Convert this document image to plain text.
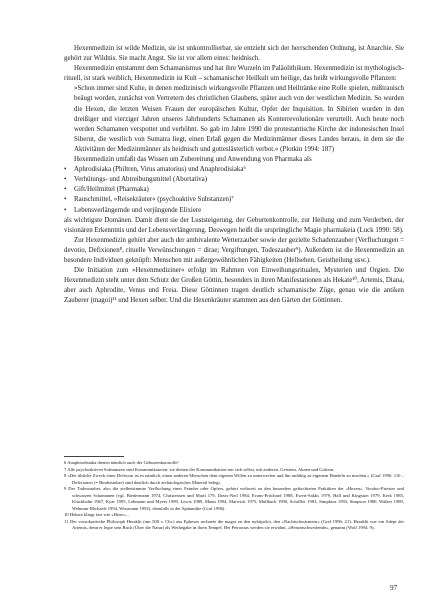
Hexenmedizin ist wilde Medizin, sie ist unkontrollierbar, sie entzieht sich der herrschenden Ordnung, ist Anarchie. Sie gehört zur Wildnis. Sie macht Angst. Sie ist vor allem eines: heidnisch.

Hexenmedizin entstammt dem Schamanismus und hat ihre Wurzeln im Paläolithikum. Hexenmedizin ist mythologisch-rituell, ist stark weiblich, Hexenmedizin ist Kult – schamanischer Heilkult um heilige, das heißt wirkungsvolle Pflanzen:

»Schon immer sind Kulte, in denen medizinisch wirkungsvolle Pflanzen und Heiltränke eine Rolle spielen, mißtrauisch beäugt worden, zunächst von Vertretern des christlichen Glaubens, später auch von der westlichen Medizin. So wurden die Hexen, die letzten Weisen Frauen der europäischen Kultur, Opfer der Inquisition. In Sibirien wurden in den dreißiger und vierziger Jahren unseres Jahrhunderts Schamanen als Konterrevolutionäre verurteilt. Auch heute noch werden Schamanen verspottet und verhöhnt. So gab im Jahre 1990 die protestantische Kirche der indonesischen Insel Siberut, die westlich von Sumatra liegt, einen Erlaß gegen die Medizinmänner dieses Landes heraus, in dem sie die Aktivitäten der Medizinmänner als heidnisch und gotteslästerlich verbot.« (Plotkin 1994: 187)

Hexenmedizin umfaßt das Wissen um Zubereitung und Anwendung von Pharmaka als

• Aphrodisiaka (Philtren, Virus amatorius) und Anaphrodisiaka⁶
• Verhütungs- und Abtreibungsmittel (Abortativa)
• Gift/Heilmittel (Pharmaka)
• Rauschmittel, »Reisekräuter« (psychoaktive Substanzen)⁷
• Lebensverlängernde und verjüngende Elixiere

als wichtigste Domänen. Damit dient sie der Luststeigerung, der Geburtenkontrolle, zur Heilung und zum Verderben, der visionären Erkenntnis und der Lebensverlängerung. Deswegen heißt die ursprüngliche Magie pharmakeia (Luck 1990: 58).

Zur Hexenmedizin gehört aber auch der ambivalente Wetterzauber sowie der gezielte Schadenzauber (Verfluchungen = devotio, Defixionen⁸, rituelle Verwünschungen = dirae; Vergiftungen, Todeszauber⁹). Außerdem ist die Hexenmedizin an besondere Individuen geknüpft: Menschen mit außergewöhnlichen Fähigkeiten (Hellsehen, Geistheilung usw.).

Die Initiation zum »Hexenmediziner« erfolgt im Rahmen von Einweihungsritualen, Mysterien und Orgien. Die Hexenmedizin steht unter dem Schutz der Großen Göttin, besonders in ihren Manifestationen als Hekate¹⁰, Artemis, Diana, aber auch Aphrodite, Venus und Freia. Diese Göttinnen tragen deutlich schamanische Züge, genau wie die antiken Zauberer (magoi)¹¹ und Hexen selber. Und die Hexenkräuter stammen aus den Gärten der Göttinnen.

6 Anaphrodisiaka dienen nämlich auch der Geburtenkontrolle!

7 Alle psychoaktiven Substanzen sind Kommunikatoren: sie dienen der Kommunikation mit sich selbst, mit anderen, Geistern, Ahnen und Göttern.

8 »Der übliche Zweck einer Defixion ist es nämlich, einen anderen Menschen dem eigenen Willen zu unterwerfen und ihn unfähig zu eigenem Handeln zu machen.« (Graf 1996: 110 – Defixionen (= Bindezauber) sind deutlich durch archäologisches Material belegt.

9 Der Todeszauber, also die zielbestimmte Verfluchung eines Feindes oder Opfers, gehört weltweit zu den besonders gefürchteten Praktiken der »Hexen«, Voodoo-Priester und schwarzen Schamanen (vgl. Biedermann 1974, Christensen und Martí 179, Davis-Neil 1984, Evans-Pritchard 1988, Ewert-Sakks 1979, Hall und Kingston 1979, Kerk 1985, Kluckhohn 1967, Kyar 1995, Lehmann und Myers 1989, Lewis 1989, Mann 1994, Marwick 1975, Mullbach 1990, Schiffler 1983, Simpkins 1993, Simpson 1980, Walker 1989, Webman-Michaels 1994, Wissmann 1992), ebenfalls in der Spätantike (Graf 1996).

10 Hekate klingt fast wie »Hexe«...

11 Der vorsokratische Philosoph Heraklit (um 500 v. Chr.) aus Ephesos rechnete die magoi zu den nyktipoloi, den »Nachtschwärmern« (Graf 1996: 21). Heraklit war ein Adept der Artemis, denn er legte sein Buch (Über die Natur) als Weihegabe in ihren Tempel. Bei Petronius werden sie erwähnt, »Herumschweifende«, genannt (Wolf 1994: 9).

97
